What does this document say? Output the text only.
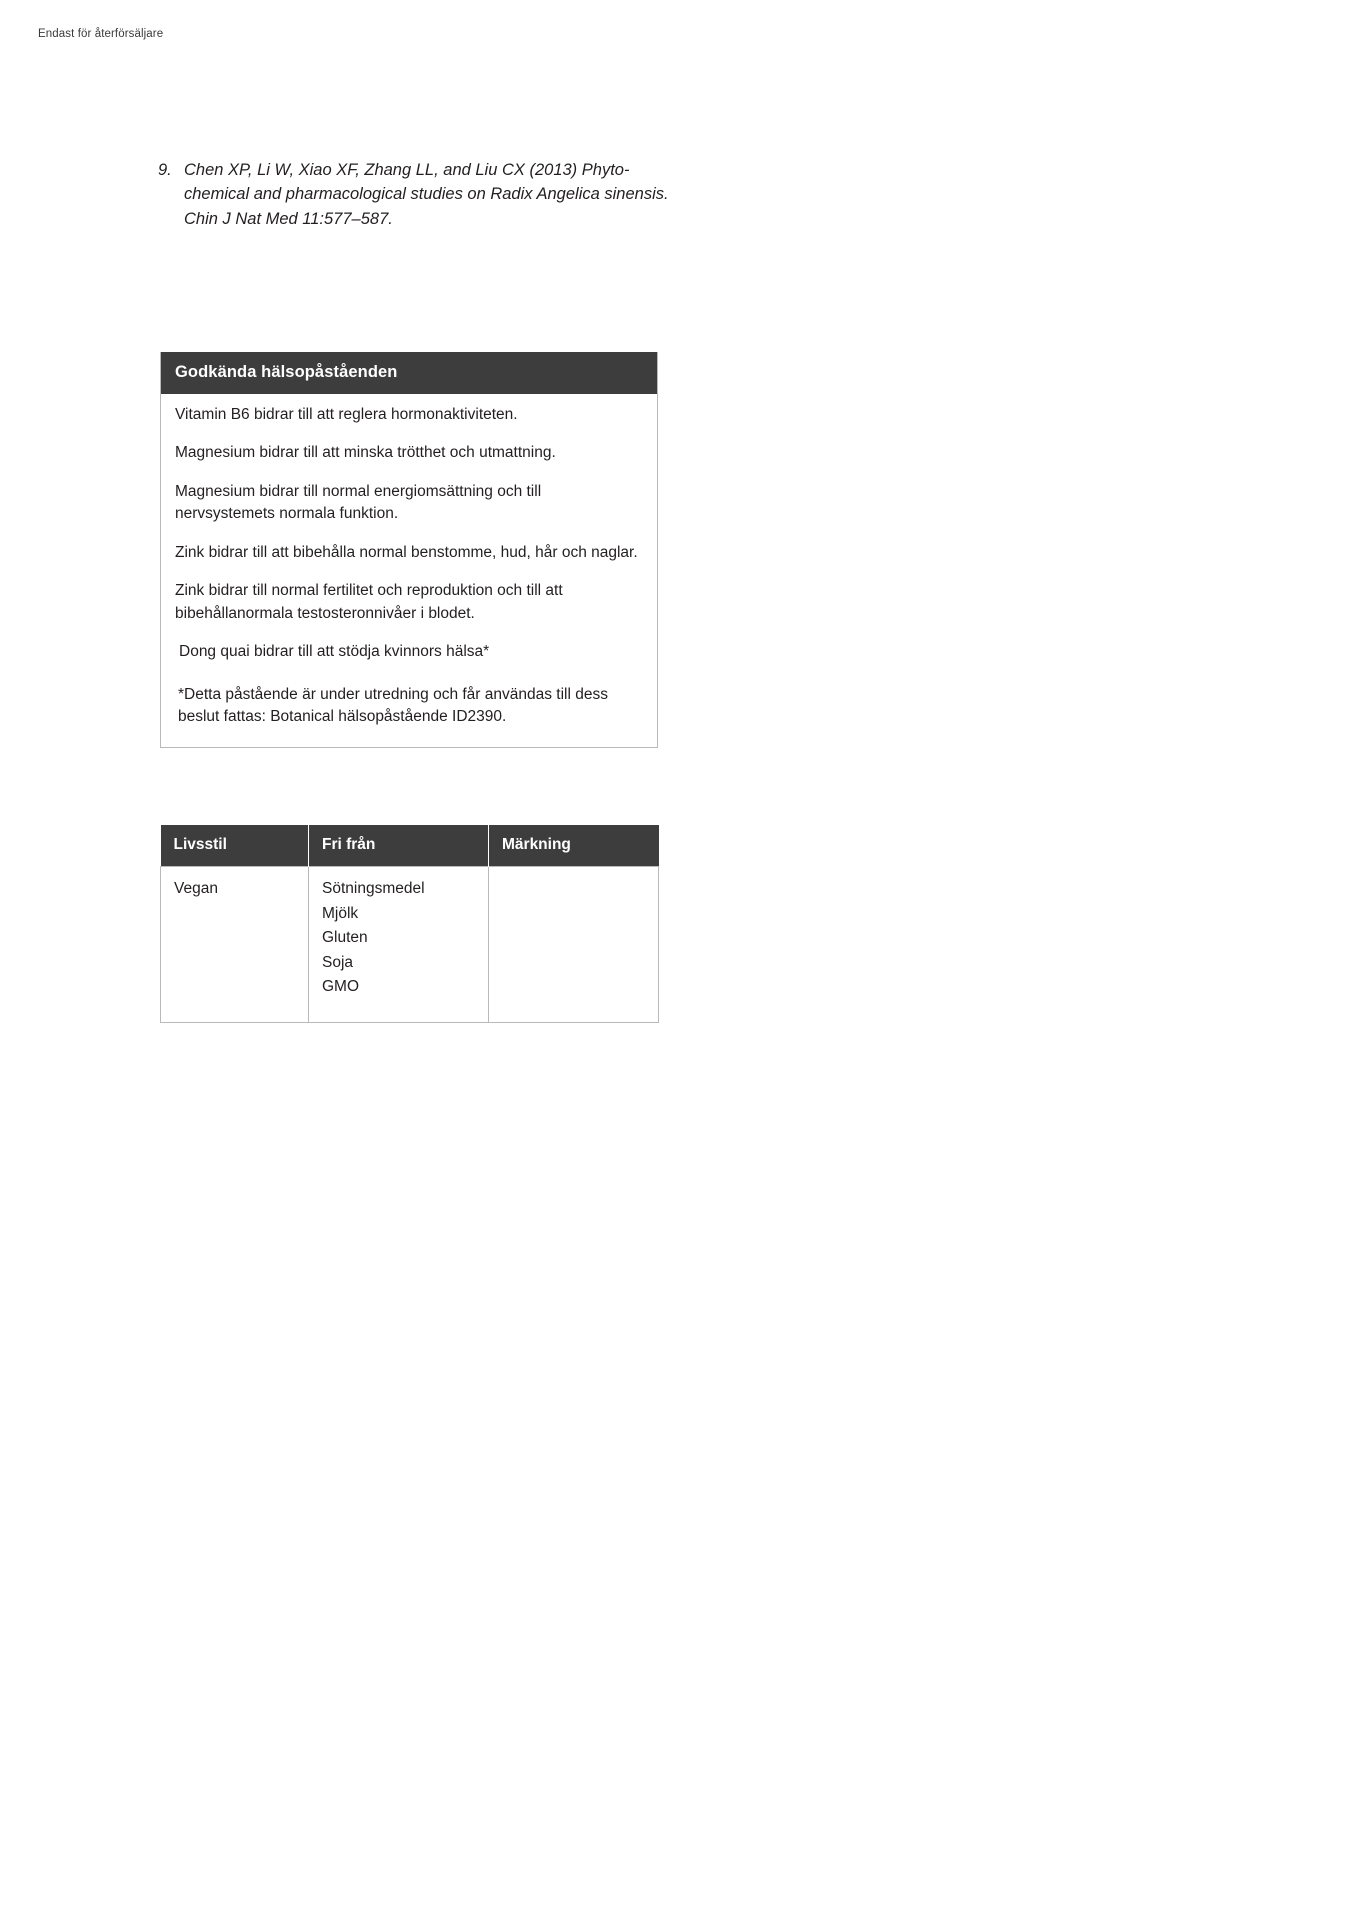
Endast för återförsäljare
9. Chen XP, Li W, Xiao XF, Zhang LL, and Liu CX (2013) Phyto-chemical and pharmacological studies on Radix Angelica sinensis. Chin J Nat Med 11:577–587.
Godkända hälsopåståenden

Vitamin B6 bidrar till att reglera hormonaktiviteten.

Magnesium bidrar till att minska trötthet och utmattning.

Magnesium bidrar till normal energiomsättning och till nervsystemets normala funktion.

Zink bidrar till att bibehålla normal benstomme, hud, hår och naglar.

Zink bidrar till normal fertilitet och reproduktion och till att bibehållanormala testosteronnivåer i blodet.

Dong quai bidrar till att stödja kvinnors hälsa*

*Detta påstående är under utredning och får användas till dess beslut fattas: Botanical hälsopåstående ID2390.

Livsstil	Fri från	Märkning
Vegan	Sötningsmedel
Mjölk
Gluten
Soja
GMO
